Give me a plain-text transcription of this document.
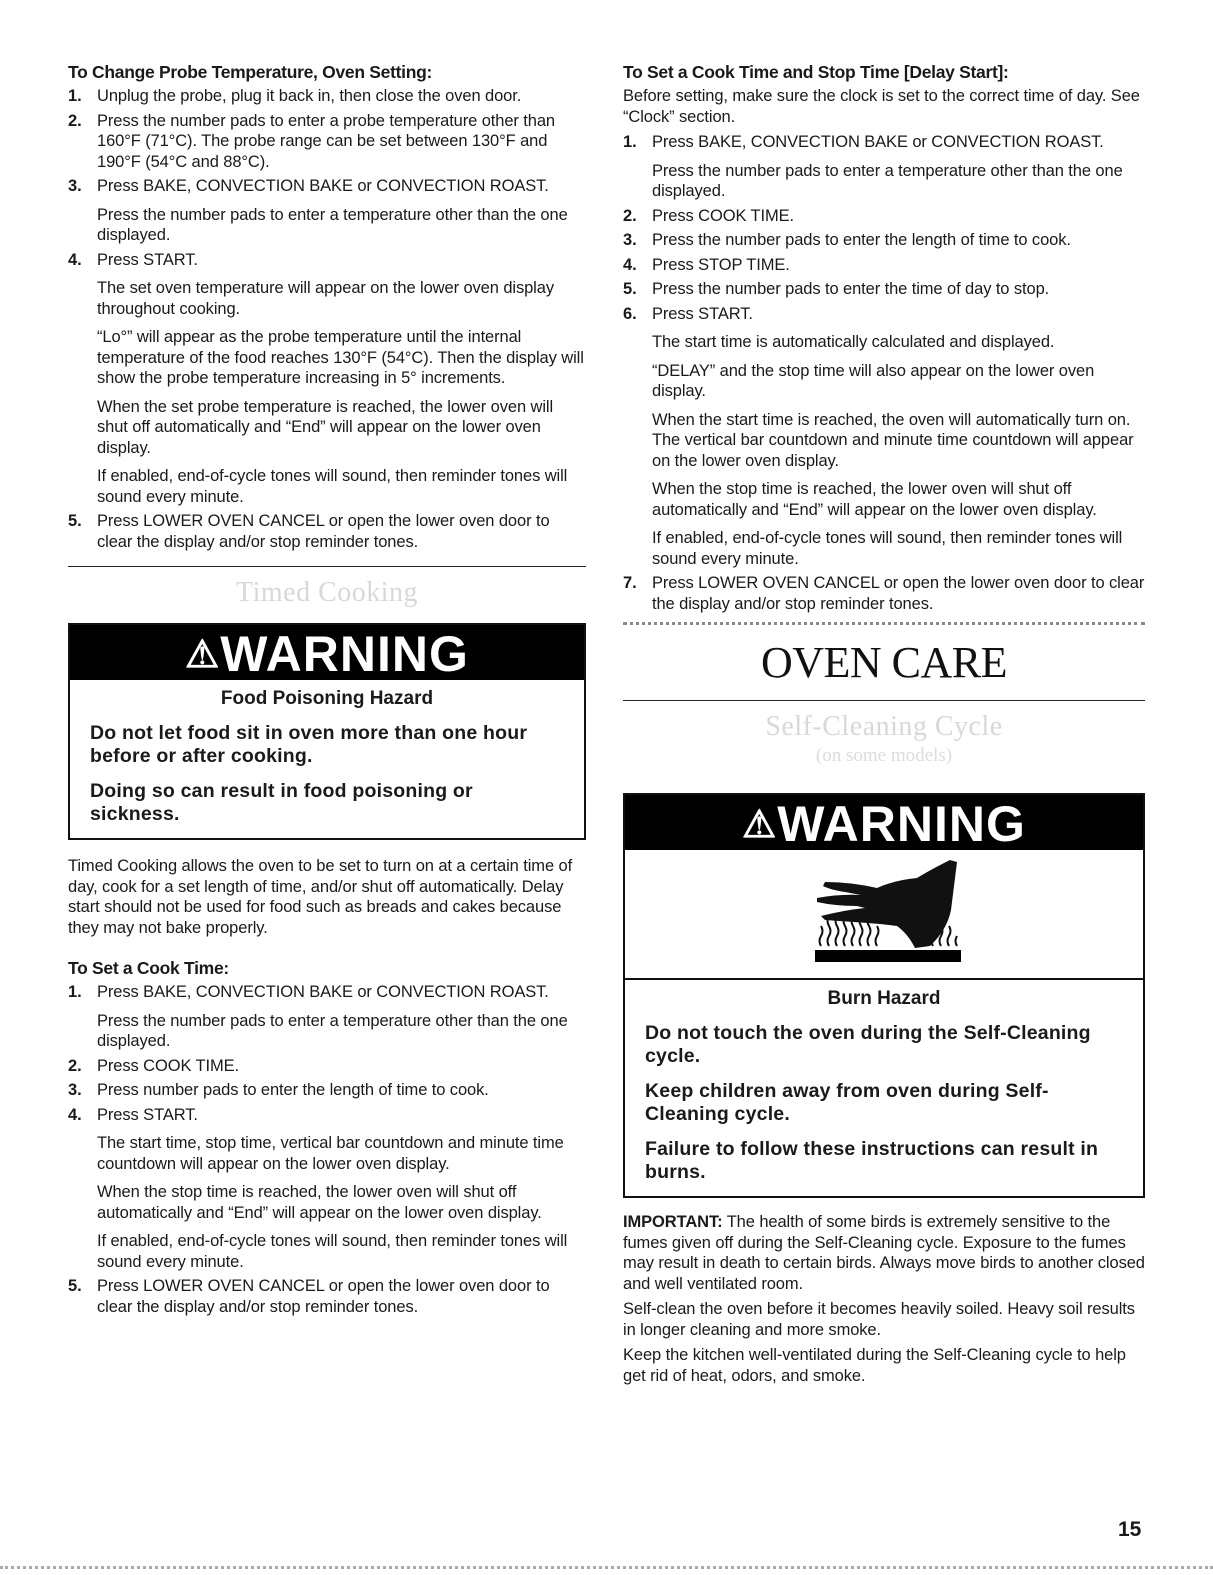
To Change Probe Temperature, Oven Setting:
1. Unplug the probe, plug it back in, then close the oven door.

2. Press the number pads to enter a probe temperature other than 160°F (71°C). The probe range can be set between 130°F and 190°F (54°C and 88°C).

3. Press BAKE, CONVECTION BAKE or CONVECTION ROAST.

Press the number pads to enter a temperature other than the one displayed.

4. Press START.

The set oven temperature will appear on the lower oven display throughout cooking.

“Lo°” will appear as the probe temperature until the internal temperature of the food reaches 130°F (54°C). Then the display will show the probe temperature increasing in 5° increments.

When the set probe temperature is reached, the lower oven will shut off automatically and “End” will appear on the lower oven display.

If enabled, end-of-cycle tones will sound, then reminder tones will sound every minute.

5. Press LOWER OVEN CANCEL or open the lower oven door to clear the display and/or stop reminder tones.

Timed Cooking
⚠WARNING
Food Poisoning Hazard
Do not let food sit in oven more than one hour before or after cooking.
Doing so can result in food poisoning or sickness.

Timed Cooking allows the oven to be set to turn on at a certain time of day, cook for a set length of time, and/or shut off automatically. Delay start should not be used for food such as breads and cakes because they may not bake properly.

To Set a Cook Time:
1. Press BAKE, CONVECTION BAKE or CONVECTION ROAST.

Press the number pads to enter a temperature other than the one displayed.

2. Press COOK TIME.

3. Press number pads to enter the length of time to cook.

4. Press START.

The start time, stop time, vertical bar countdown and minute time countdown will appear on the lower oven display.

When the stop time is reached, the lower oven will shut off automatically and “End” will appear on the lower oven display.

If enabled, end-of-cycle tones will sound, then reminder tones will sound every minute.

5. Press LOWER OVEN CANCEL or open the lower oven door to clear the display and/or stop reminder tones.

To Set a Cook Time and Stop Time [Delay Start]:

Before setting, make sure the clock is set to the correct time of day. See “Clock” section.

1. Press BAKE, CONVECTION BAKE or CONVECTION ROAST.

Press the number pads to enter a temperature other than the one displayed.

2. Press COOK TIME.

3. Press the number pads to enter the length of time to cook.

4. Press STOP TIME.

5. Press the number pads to enter the time of day to stop.

6. Press START.

The start time is automatically calculated and displayed.

“DELAY” and the stop time will also appear on the lower oven display.

When the start time is reached, the oven will automatically turn on. The vertical bar countdown and minute time countdown will appear on the lower oven display.

When the stop time is reached, the lower oven will shut off automatically and “End” will appear on the lower oven display.

If enabled, end-of-cycle tones will sound, then reminder tones will sound every minute.

7. Press LOWER OVEN CANCEL or open the lower oven door to clear the display and/or stop reminder tones.

OVEN CARE
Self-Cleaning Cycle
(on some models)
⚠WARNING
Burn Hazard
Do not touch the oven during the Self-Cleaning cycle.
Keep children away from oven during Self-Cleaning cycle.
Failure to follow these instructions can result in burns.

IMPORTANT: The health of some birds is extremely sensitive to the fumes given off during the Self-Cleaning cycle. Exposure to the fumes may result in death to certain birds. Always move birds to another closed and well ventilated room.

Self-clean the oven before it becomes heavily soiled. Heavy soil results in longer cleaning and more smoke.

Keep the kitchen well-ventilated during the Self-Cleaning cycle to help get rid of heat, odors, and smoke.

15
